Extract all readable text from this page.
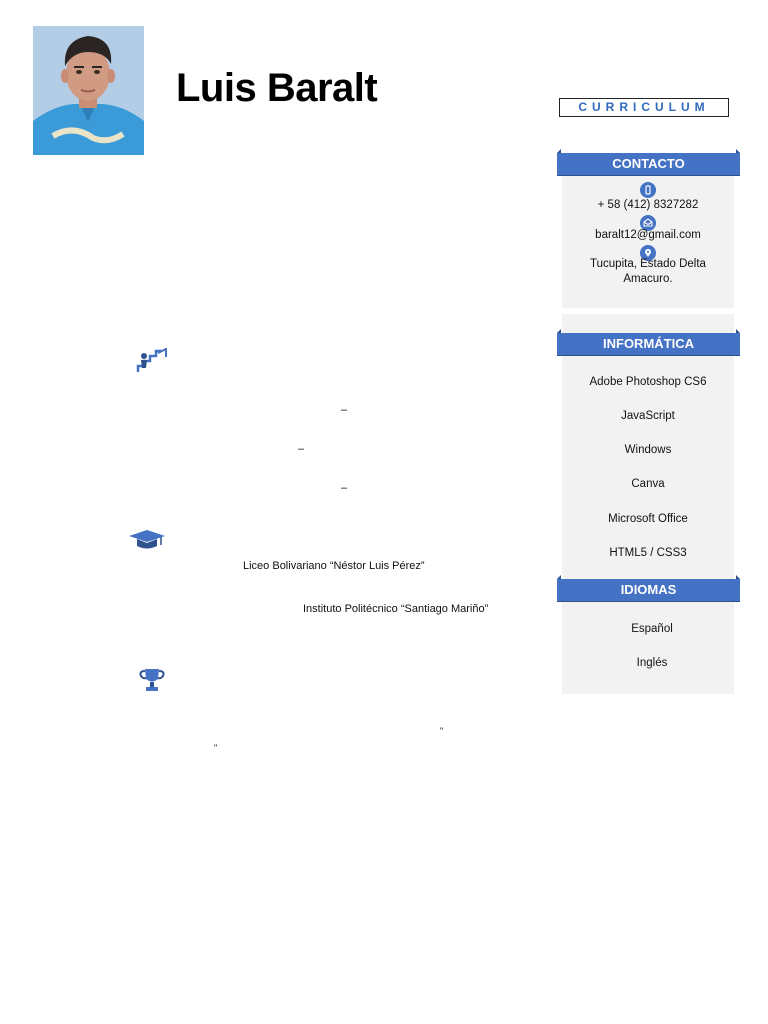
Luis Baralt	CURRICULUM
CONTACTO
+ 58 (412) 8327282
baralt12@gmail.com
Tucupita, Estado Delta
Amacuro.
INFORMÁTICA
Adobe Photoshop CS6
JavaScript
Windows
Canva
Microsoft Office
HTML5 / CSS3
IDIOMAS
Español
Inglés
–
–
–
Liceo Bolivariano “Néstor Luis Pérez”
Instituto Politécnico “Santiago Mariño”
"
"
